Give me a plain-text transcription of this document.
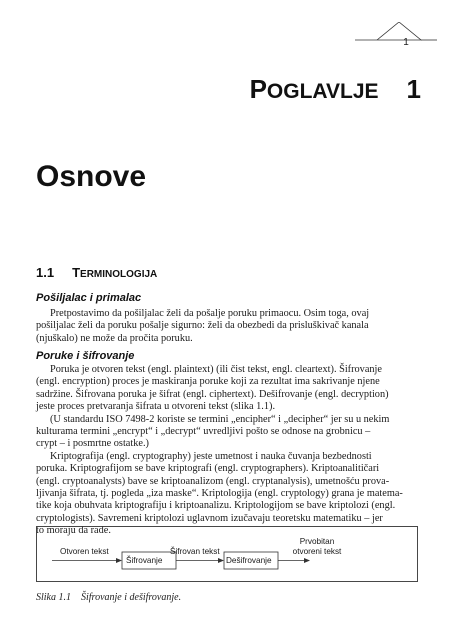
1
POGLAVLJE 1
Osnove
1.1 TERMINOLOGIJA
Pošiljalac i primalac
Pretpostavimo da pošiljalac želi da pošalje poruku primaocu. Osim toga, ovaj
pošiljalac želi da poruku pošalje sigurno: želi da obezbedi da prisluškivač kanala
(njuškalo) ne može da pročita poruku.
Poruke i šifrovanje
Poruka je otvoren tekst (engl. plaintext) (ili čist tekst, engl. cleartext). Šifrovanje
(engl. encryption) proces je maskiranja poruke koji za rezultat ima sakrivanje njene
sadržine. Šifrovana poruka je šifrat (engl. ciphertext). Dešifrovanje (engl. decryption)
jeste proces pretvaranja šifrata u otvoreni tekst (slika 1.1).
(U standardu ISO 7498-2 koriste se termini „encipher“ i „decipher“ jer su u nekim
kulturama termini „encrypt“ i „decrypt“ uvredljivi pošto se odnose na grobnicu –
crypt – i posmrtne ostatke.)
Kriptografija (engl. cryptography) jeste umetnost i nauka čuvanja bezbednosti
poruka. Kriptografijom se bave kriptografi (engl. cryptographers). Kriptoanalitičari
(engl. cryptoanalysts) bave se kriptoanalizom (engl. cryptanalysis), umetnošću prova-
ljivanja šifrata, tj. pogleda „iza maske“. Kriptologija (engl. cryptology) grana je matema-
tike koja obuhvata kriptografiju i kriptoanalizu. Kriptologijom se bave kriptolozi (engl.
cryptologists). Savremeni kriptolozi uglavnom izučavaju teoretsku matematiku – jer
to moraju da rade.
Otvoren tekst
Šifrovanje
Šifrovan tekst
Dešifrovanje
Prvobitan
otvoreni tekst
Slika 1.1 Šifrovanje i dešifrovanje.
